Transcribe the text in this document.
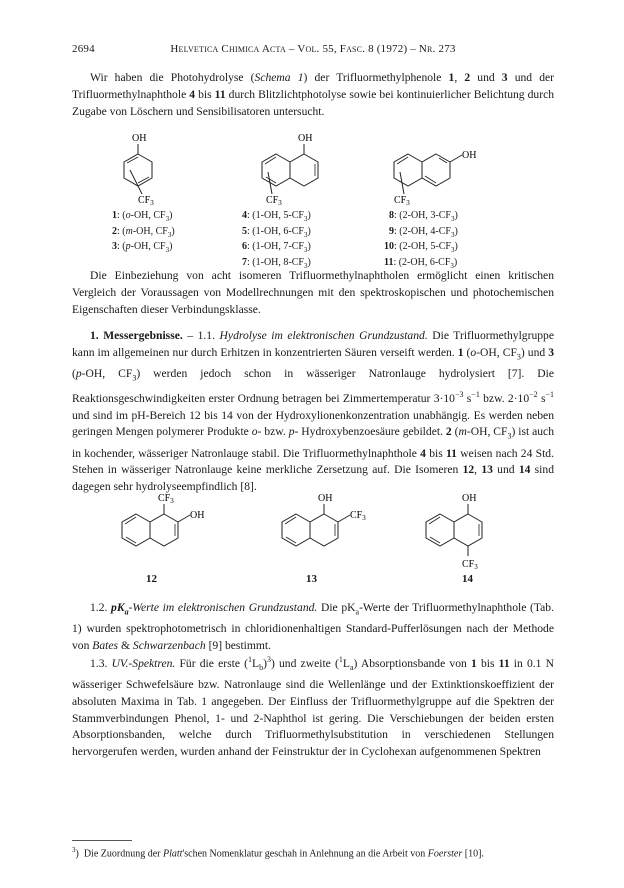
2694	Helvetica Chimica Acta – Vol. 55, Fasc. 8 (1972) – Nr. 273

Wir haben die Photohydrolyse (Schema 1) der Trifluormethylphenole 1, 2 und 3 und der Trifluormethylnaphthole 4 bis 11 durch Blitzlichtphotolyse sowie bei kontinuierlicher Belichtung durch Zugabe von Löschern und Sensibilisatoren untersucht.

OH
$CF_3$
OH
$CF_3$
OH
$CF_3$
1: (o-OH, $CF_3$)
2: (m-OH, $CF_3$)
3: (p-OH, $CF_3$)
4: (1-OH, $5-CF_3$)
5: (1-OH, $6-CF_3$)
6: (1-OH, $7-CF_3$)
7: (1-OH, $8-CF_3$)
8: (2-OH, $3-CF_3$)
9: (2-OH, $4-CF_3$)
10: (2-OH, $5-CF_3$)
11: (2-OH, $6-CF_3$)

Die Einbeziehung von acht isomeren Trifluormethylnaphtholen ermöglicht einen kritischen Vergleich der Voraussagen von Modellrechnungen mit den spektroskopischen und photochemischen Eigenschaften dieser Verbindungsklasse.

1. Messergebnisse. – 1.1. Hydrolyse im elektronischen Grundzustand. Die Trifluormethylgruppe kann im allgemeinen nur durch Erhitzen in konzentrierten Säuren verseift werden. 1 (o-OH, $CF_3$) und 3 (p-OH, $CF_3$) werden jedoch schon in wässeriger Natronlauge hydrolysiert [7]. Die Reaktionsgeschwindigkeiten erster Ordnung betragen bei Zimmertemperatur $3\cdot 10^{-3}$ $s^{-1}$ bzw. $2\cdot 10^{-2}$ $s^{-1}$ und sind im pH-Bereich 12 bis 14 von der Hydroxylionenkonzentration unabhängig. Es werden neben geringen Mengen polymerer Produkte o- bzw. p- Hydroxybenzoesäure gebildet. 2 (m-OH, $CF_3$) ist auch in kochender, wässeriger Natronlauge stabil. Die Trifluormethylnaphthole 4 bis 11 weisen nach 24 Std. Stehen in wässeriger Natronlauge keine merkliche Zersetzung auf. Die Isomeren 12, 13 und 14 sind dagegen sehr hydrolyseempfindlich [8].

$CF_3$
OH
OH
$CF_3$
OH
$CF_3$
12	13	14

1.2. $pK_a$-Werte im elektronischen Grundzustand. Die $pK_a$-Werte der Trifluormethylnaphthole (Tab. 1) wurden spektrophotometrisch in chloridionenhaltigen Standard-Pufferlösungen nach der Methode von Bates & Schwarzenbach [9] bestimmt.

1.3. UV.-Spektren. Für die erste $(^1L_b)^3$) und zweite $(^1L_a)$ Absorptionsbande von 1 bis 11 in 0.1 N wässeriger Schwefelsäure bzw. Natronlauge sind die Wellenlänge und der Extinktionskoeffizient der absoluten Maxima in Tab. 1 angegeben. Der Einfluss der Trifluormethylgruppe auf die Spektren der Stammverbindungen Phenol, 1- und 2-Naphthol ist gering. Die Verschiebungen der beiden ersten Absorptionsbanden, welche durch Trifluormethylsubstitution in verschiedenen Stellungen hervorgerufen werden, wurden anhand der Feinstruktur der in Cyclohexan aufgenommenen Spektren

$^3$)  Die Zuordnung der Platt'schen Nomenklatur geschah in Anlehnung an die Arbeit von Foerster [10].
